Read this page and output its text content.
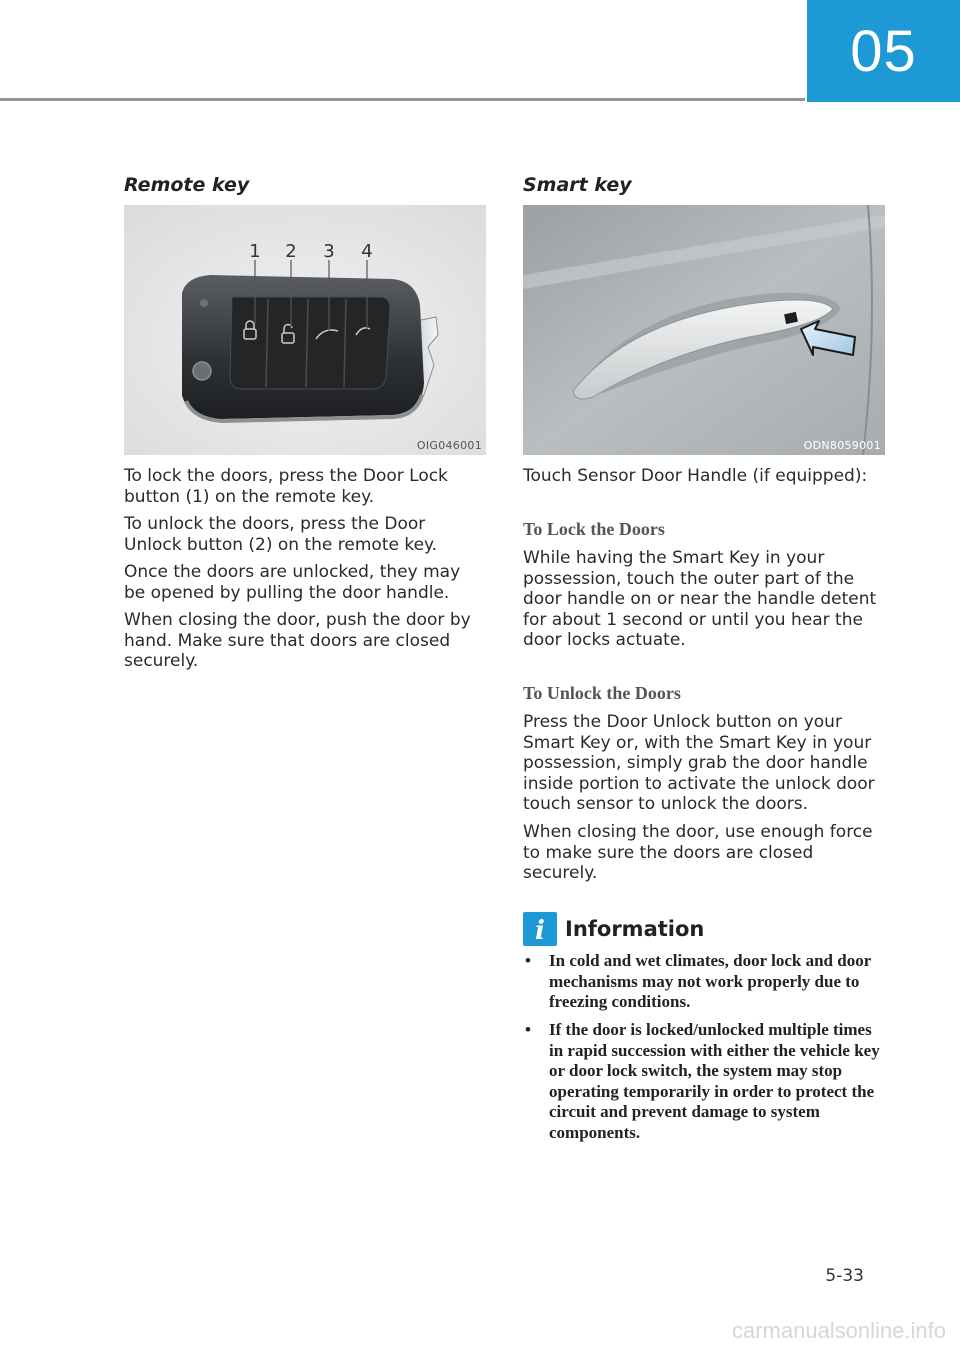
05
Remote key
1 2 3 4
OIG046001

To lock the doors, press the Door Lock button (1) on the remote key.

To unlock the doors, press the Door Unlock button (2) on the remote key.

Once the doors are unlocked, they may be opened by pulling the door handle.

When closing the door, push the door by hand. Make sure that doors are closed securely.

Smart key
ODN8059001

Touch Sensor Door Handle (if equipped):

To Lock the Doors

While having the Smart Key in your possession, touch the outer part of the door handle on or near the handle detent for about 1 second or until you hear the door locks actuate.

To Unlock the Doors

Press the Door Unlock button on your Smart Key or, with the Smart Key in your possession, simply grab the door handle inside portion to activate the unlock door touch sensor to unlock the doors.

When closing the door, use enough force to make sure the doors are closed securely.

i Information
• In cold and wet climates, door lock and door mechanisms may not work properly due to freezing conditions.
• If the door is locked/unlocked multiple times in rapid succession with either the vehicle key or door lock switch, the system may stop operating temporarily in order to protect the circuit and prevent damage to system components.
5-33
carmanualsonline.info
